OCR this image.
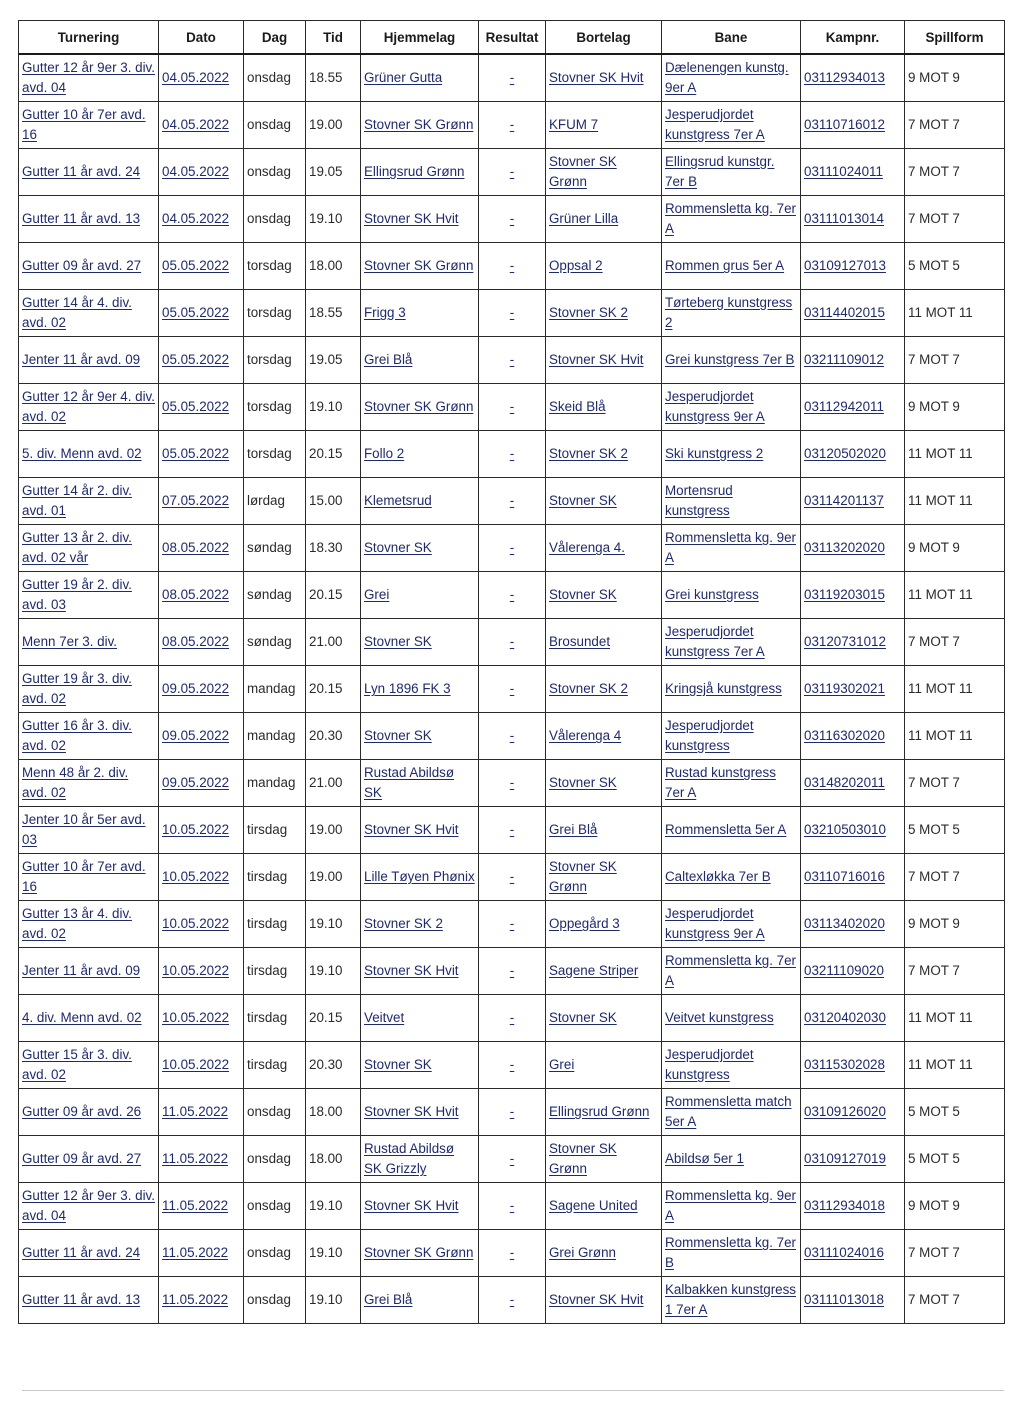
Turnering	Dato	Dag	Tid	Hjemmelag	Resultat	Bortelag	Bane	Kampnr.	Spillform
Gutter 12 år 9er 3. div. avd. 04	04.05.2022	onsdag	18.55	Grüner Gutta	-	Stovner SK Hvit	Dælenengen kunstg. 9er A	03112934013	9 MOT 9
Gutter 10 år 7er avd. 16	04.05.2022	onsdag	19.00	Stovner SK Grønn	-	KFUM 7	Jesperudjordet kunstgress 7er A	03110716012	7 MOT 7
Gutter 11 år avd. 24	04.05.2022	onsdag	19.05	Ellingsrud Grønn	-	Stovner SK Grønn	Ellingsrud kunstgr. 7er B	03111024011	7 MOT 7
Gutter 11 år avd. 13	04.05.2022	onsdag	19.10	Stovner SK Hvit	-	Grüner Lilla	Rommensletta kg. 7er A	03111013014	7 MOT 7
Gutter 09 år avd. 27	05.05.2022	torsdag	18.00	Stovner SK Grønn	-	Oppsal 2	Rommen grus 5er A	03109127013	5 MOT 5
Gutter 14 år 4. div. avd. 02	05.05.2022	torsdag	18.55	Frigg 3	-	Stovner SK 2	Tørteberg kunstgress 2	03114402015	11 MOT 11
Jenter 11 år avd. 09	05.05.2022	torsdag	19.05	Grei Blå	-	Stovner SK Hvit	Grei kunstgress 7er B	03211109012	7 MOT 7
Gutter 12 år 9er 4. div. avd. 02	05.05.2022	torsdag	19.10	Stovner SK Grønn	-	Skeid Blå	Jesperudjordet kunstgress 9er A	03112942011	9 MOT 9
5. div. Menn avd. 02	05.05.2022	torsdag	20.15	Follo 2	-	Stovner SK 2	Ski kunstgress 2	03120502020	11 MOT 11
Gutter 14 år 2. div. avd. 01	07.05.2022	lørdag	15.00	Klemetsrud	-	Stovner SK	Mortensrud kunstgress	03114201137	11 MOT 11
Gutter 13 år 2. div. avd. 02 vår	08.05.2022	søndag	18.30	Stovner SK	-	Vålerenga 4.	Rommensletta kg. 9er A	03113202020	9 MOT 9
Gutter 19 år 2. div. avd. 03	08.05.2022	søndag	20.15	Grei	-	Stovner SK	Grei kunstgress	03119203015	11 MOT 11
Menn 7er 3. div.	08.05.2022	søndag	21.00	Stovner SK	-	Brosundet	Jesperudjordet kunstgress 7er A	03120731012	7 MOT 7
Gutter 19 år 3. div. avd. 02	09.05.2022	mandag	20.15	Lyn 1896 FK 3	-	Stovner SK 2	Kringsjå kunstgress	03119302021	11 MOT 11
Gutter 16 år 3. div. avd. 02	09.05.2022	mandag	20.30	Stovner SK	-	Vålerenga 4	Jesperudjordet kunstgress	03116302020	11 MOT 11
Menn 48 år 2. div. avd. 02	09.05.2022	mandag	21.00	Rustad Abildsø SK	-	Stovner SK	Rustad kunstgress 7er A	03148202011	7 MOT 7
Jenter 10 år 5er avd. 03	10.05.2022	tirsdag	19.00	Stovner SK Hvit	-	Grei Blå	Rommensletta 5er A	03210503010	5 MOT 5
Gutter 10 år 7er avd. 16	10.05.2022	tirsdag	19.00	Lille Tøyen Phønix	-	Stovner SK Grønn	Caltexløkka 7er B	03110716016	7 MOT 7
Gutter 13 år 4. div. avd. 02	10.05.2022	tirsdag	19.10	Stovner SK 2	-	Oppegård 3	Jesperudjordet kunstgress 9er A	03113402020	9 MOT 9
Jenter 11 år avd. 09	10.05.2022	tirsdag	19.10	Stovner SK Hvit	-	Sagene Striper	Rommensletta kg. 7er A	03211109020	7 MOT 7
4. div. Menn avd. 02	10.05.2022	tirsdag	20.15	Veitvet	-	Stovner SK	Veitvet kunstgress	03120402030	11 MOT 11
Gutter 15 år 3. div. avd. 02	10.05.2022	tirsdag	20.30	Stovner SK	-	Grei	Jesperudjordet kunstgress	03115302028	11 MOT 11
Gutter 09 år avd. 26	11.05.2022	onsdag	18.00	Stovner SK Hvit	-	Ellingsrud Grønn	Rommensletta match 5er A	03109126020	5 MOT 5
Gutter 09 år avd. 27	11.05.2022	onsdag	18.00	Rustad Abildsø SK Grizzly	-	Stovner SK Grønn	Abildsø 5er 1	03109127019	5 MOT 5
Gutter 12 år 9er 3. div. avd. 04	11.05.2022	onsdag	19.10	Stovner SK Hvit	-	Sagene United	Rommensletta kg. 9er A	03112934018	9 MOT 9
Gutter 11 år avd. 24	11.05.2022	onsdag	19.10	Stovner SK Grønn	-	Grei Grønn	Rommensletta kg. 7er B	03111024016	7 MOT 7
Gutter 11 år avd. 13	11.05.2022	onsdag	19.10	Grei Blå	-	Stovner SK Hvit	Kalbakken kunstgress 1 7er A	03111013018	7 MOT 7
